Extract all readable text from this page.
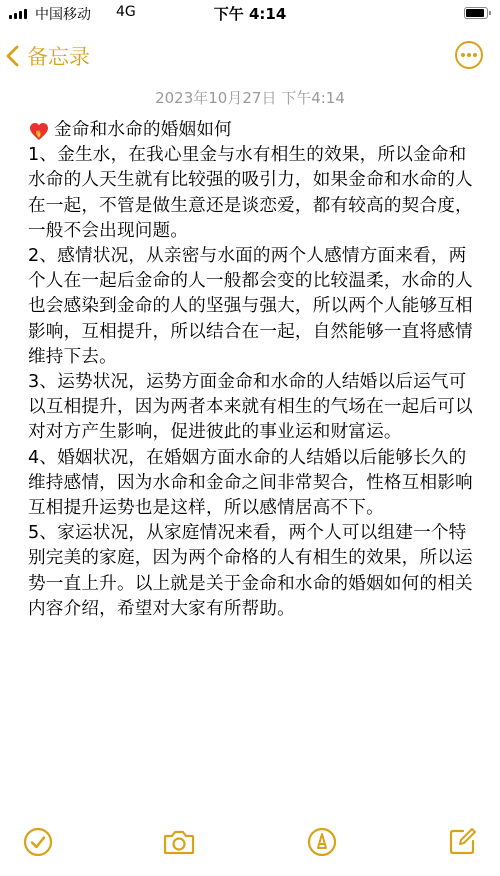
中国移动 4G	下午 4:14
备忘录
2023年10月27日 下午4:14
金命和水命的婚姻如何

1、金生水，在我心里金与水有相生的效果，所以金命和水命的人天生就有比较强的吸引力，如果金命和水命的人在一起，不管是做生意还是谈恋爱，都有较高的契合度，一般不会出现问题。

2、感情状况，从亲密与水面的两个人感情方面来看，两个人在一起后金命的人一般都会变的比较温柔，水命的人也会感染到金命的人的坚强与强大，所以两个人能够互相影响，互相提升，所以结合在一起，自然能够一直将感情维持下去。

3、运势状况，运势方面金命和水命的人结婚以后运气可以互相提升，因为两者本来就有相生的气场在一起后可以对对方产生影响，促进彼此的事业运和财富运。

4、婚姻状况，在婚姻方面水命的人结婚以后能够长久的维持感情，因为水命和金命之间非常契合，性格互相影响互相提升运势也是这样，所以感情居高不下。

5、家运状况，从家庭情况来看，两个人可以组建一个特别完美的家庭，因为两个命格的人有相生的效果，所以运势一直上升。以上就是关于金命和水命的婚姻如何的相关内容介绍，希望对大家有所帮助。
